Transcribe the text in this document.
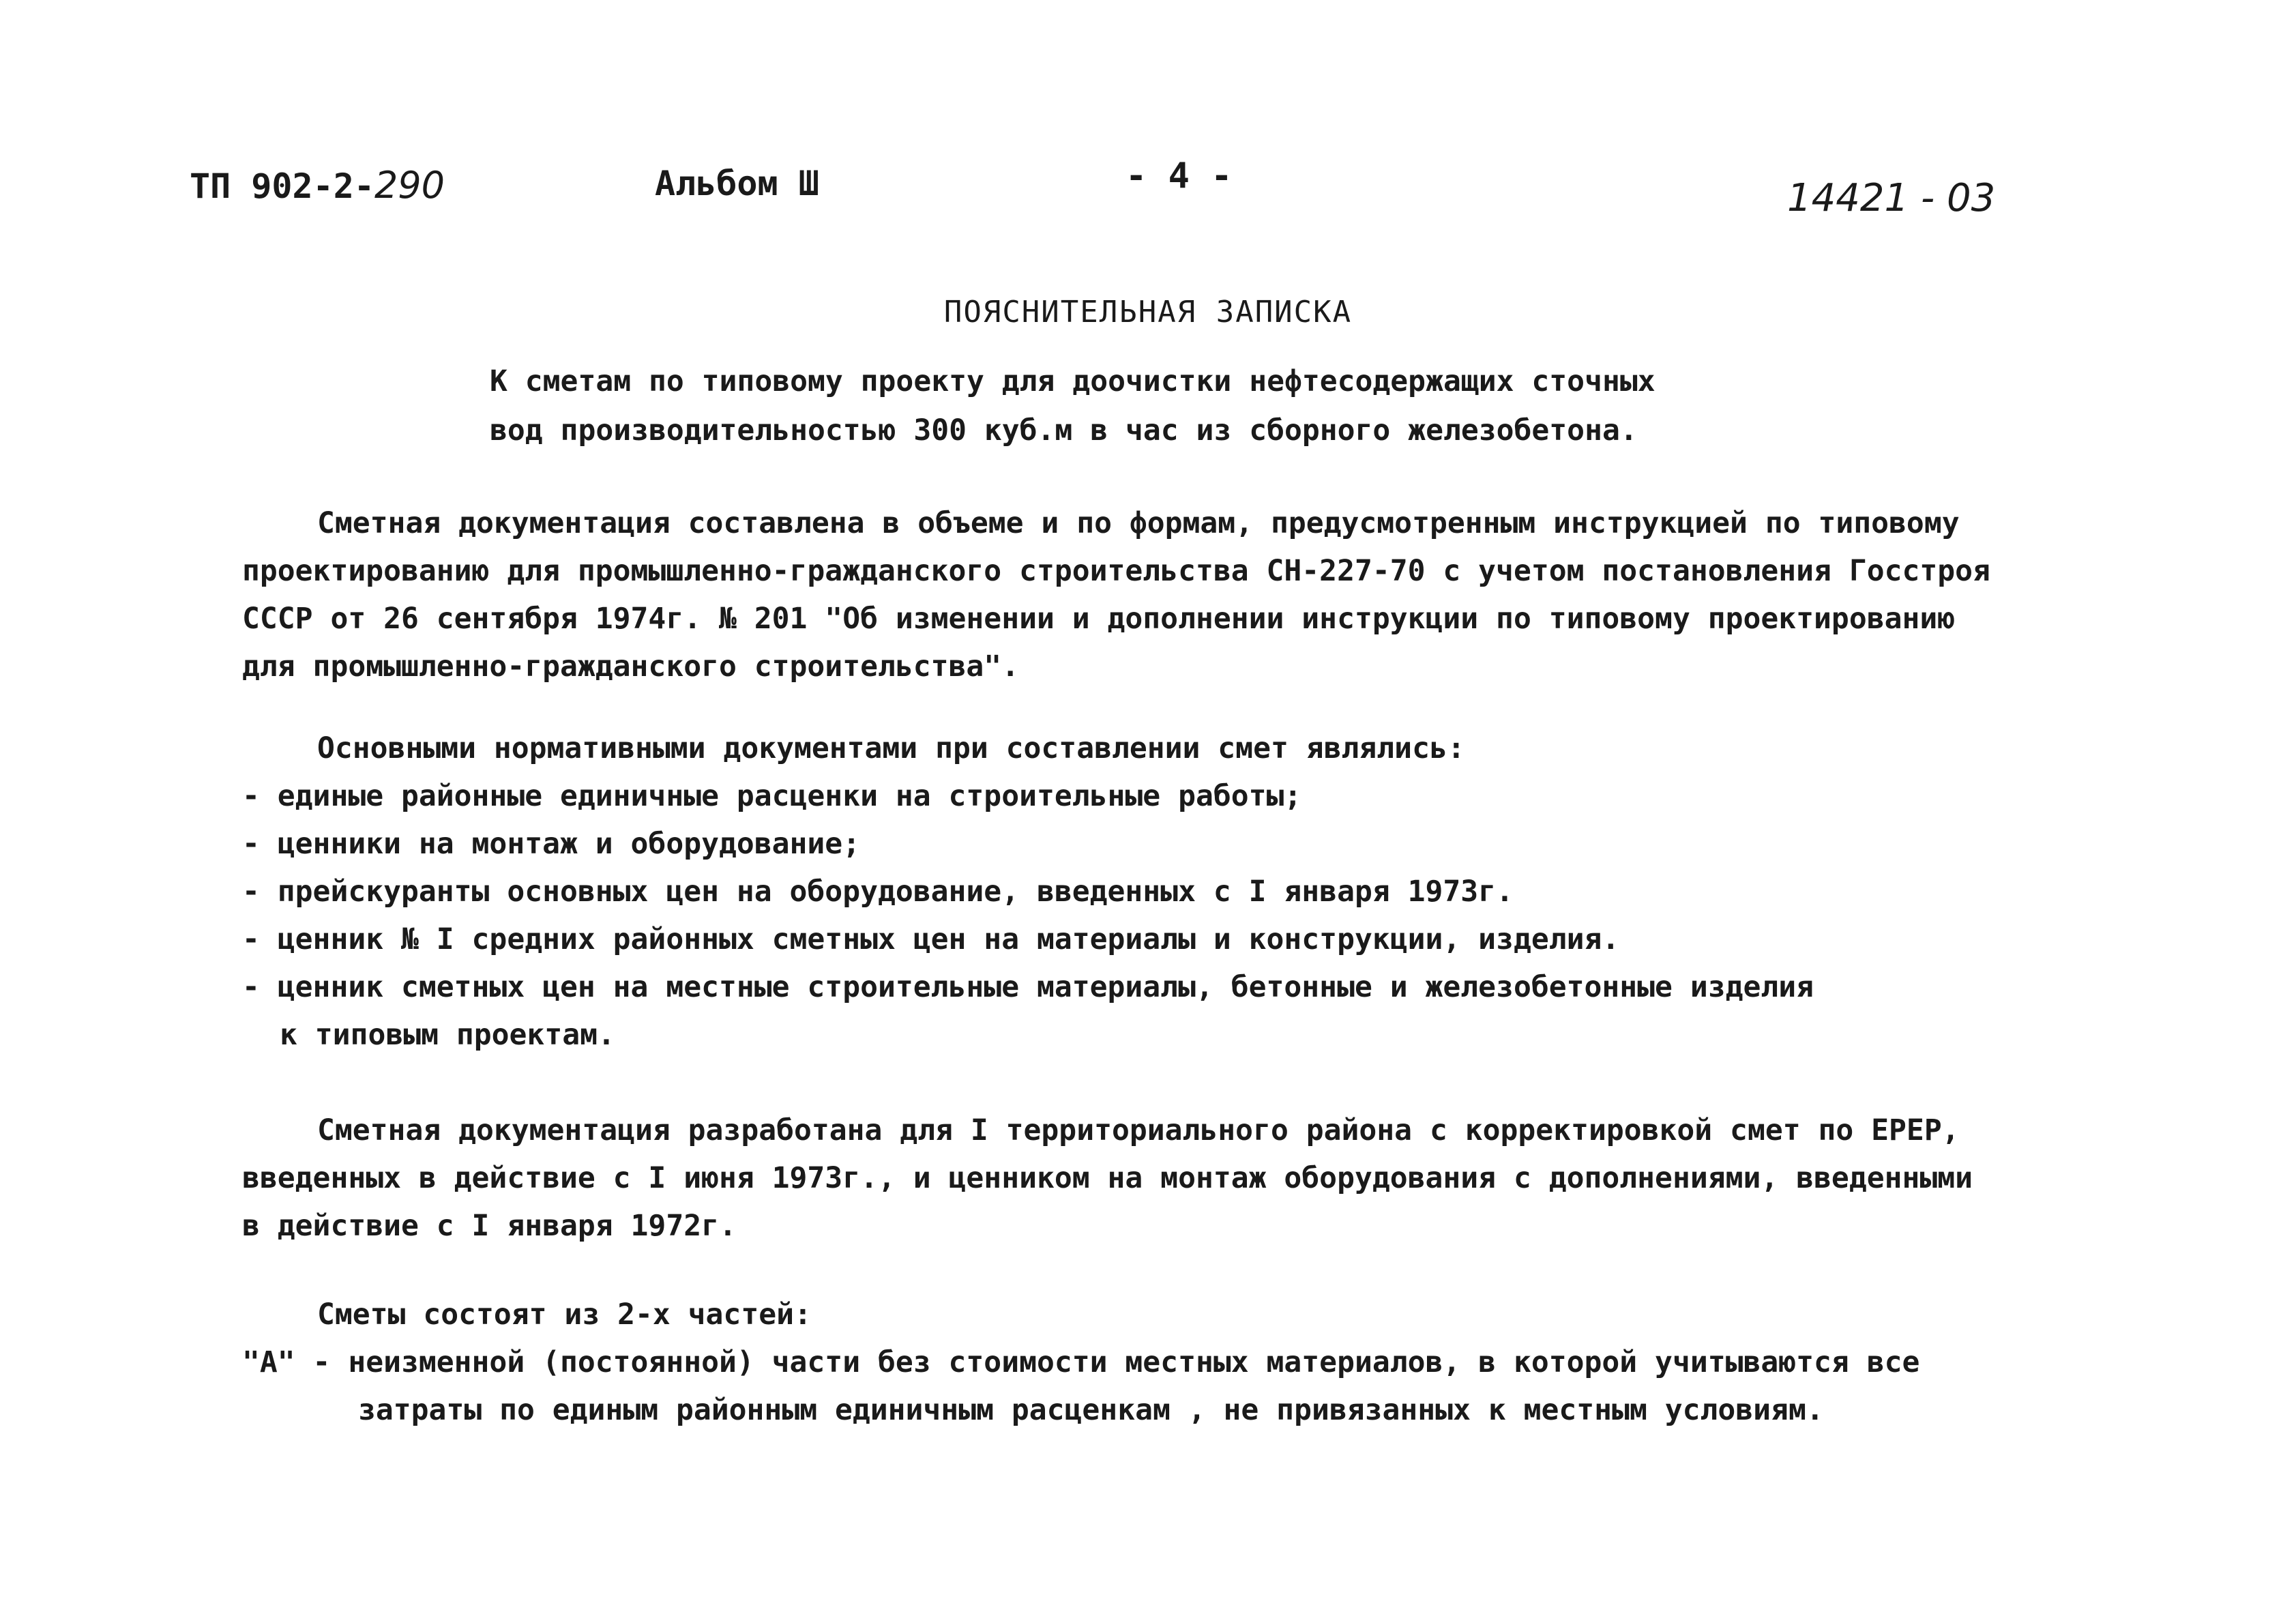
ТП 902-2-290	Альбом Ш	- 4 -	14421 - 03
ПОЯСНИТЕЛЬНАЯ ЗАПИСКА
К сметам по типовому проекту для доочистки нефтесодержащих сточных
вод производительностью 300 куб.м в час из сборного железобетона.
Сметная документация составлена в объеме и по формам, предусмотренным инструкцией по типовому
проектированию для промышленно-гражданского строительства СН-227-70 с учетом постановления Госстроя
СССР от 26 сентября 1974г. № 201 "Об изменении и дополнении инструкции по типовому проектированию
для промышленно-гражданского строительства".
Основными нормативными документами при составлении смет являлись:
- единые районные единичные расценки на строительные работы;
- ценники на монтаж и оборудование;
- прейскуранты основных цен на оборудование, введенных с I января 1973г.
- ценник № I средних районных сметных цен на материалы и конструкции, изделия.
- ценник сметных цен на местные строительные материалы, бетонные и железобетонные изделия
к типовым проектам.
Сметная документация разработана для I территориального района с корректировкой смет по ЕРЕР,
введенных в действие с I июня 1973г., и ценником на монтаж оборудования с дополнениями, введенными
в действие с I января 1972г.
Сметы состоят из 2-х частей:
"А" - неизменной (постоянной) части без стоимости местных материалов, в которой учитываются все
затраты по единым районным единичным расценкам , не привязанных к местным условиям.
